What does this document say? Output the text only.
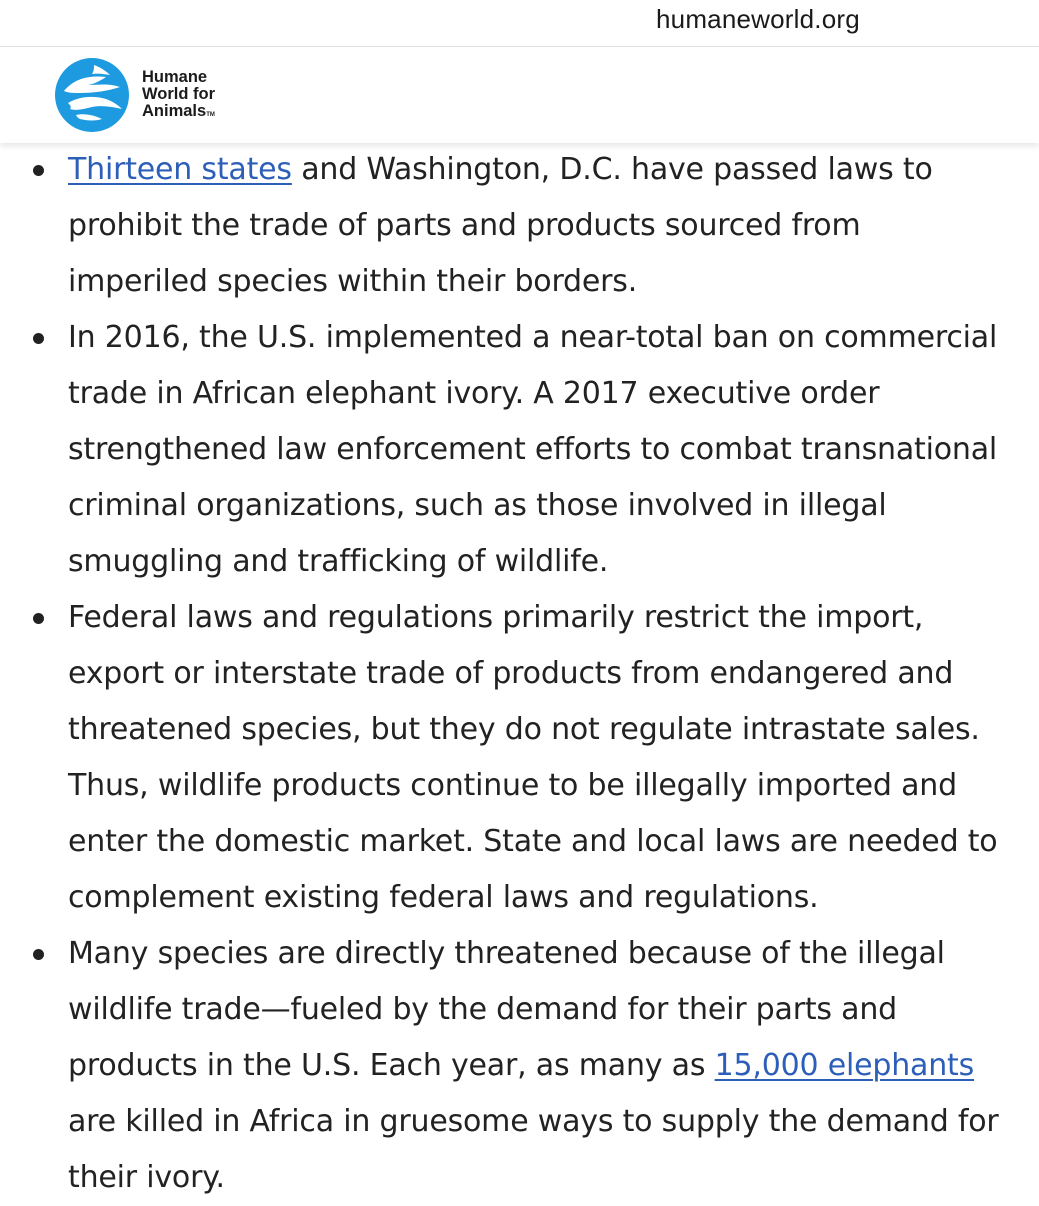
humaneworld.org
Humane
World for
AnimalsTM
Thirteen states and Washington, D.C. have passed laws to prohibit the trade of parts and products sourced from imperiled species within their borders.
In 2016, the U.S. implemented a near-total ban on commercial trade in African elephant ivory. A 2017 executive order strengthened law enforcement efforts to combat transnational criminal organizations, such as those involved in illegal smuggling and trafficking of wildlife.
Federal laws and regulations primarily restrict the import, export or interstate trade of products from endangered and threatened species, but they do not regulate intrastate sales. Thus, wildlife products continue to be illegally imported and enter the domestic market. State and local laws are needed to complement existing federal laws and regulations.
Many species are directly threatened because of the illegal wildlife trade—fueled by the demand for their parts and products in the U.S. Each year, as many as 15,000 elephants are killed in Africa in gruesome ways to supply the demand for their ivory.
